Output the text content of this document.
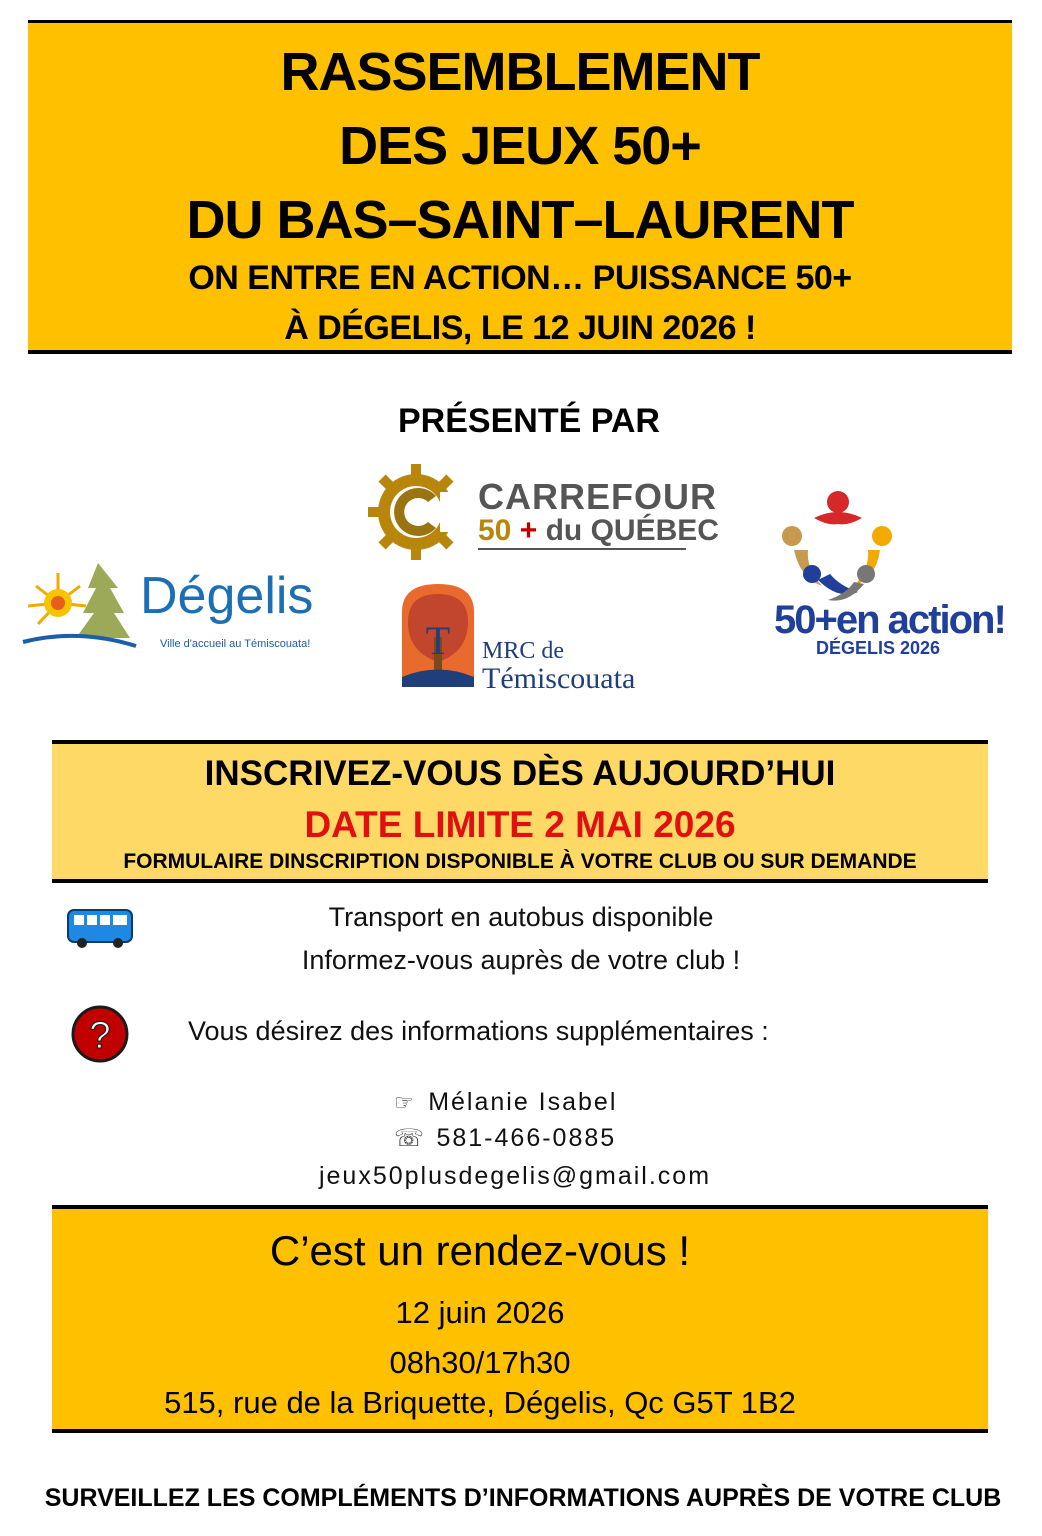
RASSEMBLEMENT
DES JEUX 50+
DU BAS–SAINT–LAURENT
ON ENTRE EN ACTION… PUISSANCE 50+
À DÉGELIS, LE 12 JUIN 2026 !
PRÉSENTÉ PAR
CARREFOUR
50 + du QUÉBEC
Dégelis
Ville d'accueil au Témiscouata!	T MRC de
Témiscouata
50+en action!
DÉGELIS 2026
INSCRIVEZ-VOUS DÈS AUJOURD’HUI
DATE LIMITE 2 MAI 2026
FORMULAIRE DINSCRIPTION DISPONIBLE À VOTRE CLUB OU SUR DEMANDE
Transport en autobus disponible
Informez-vous auprès de votre club !
?	Vous désirez des informations supplémentaires :
☞ Mélanie Isabel
☏ 581-466-0885
jeux50plusdegelis@gmail.com
C’est un rendez-vous !
12 juin 2026
08h30/17h30
515, rue de la Briquette, Dégelis, Qc G5T 1B2
SURVEILLEZ LES COMPLÉMENTS D’INFORMATIONS AUPRÈS DE VOTRE CLUB
